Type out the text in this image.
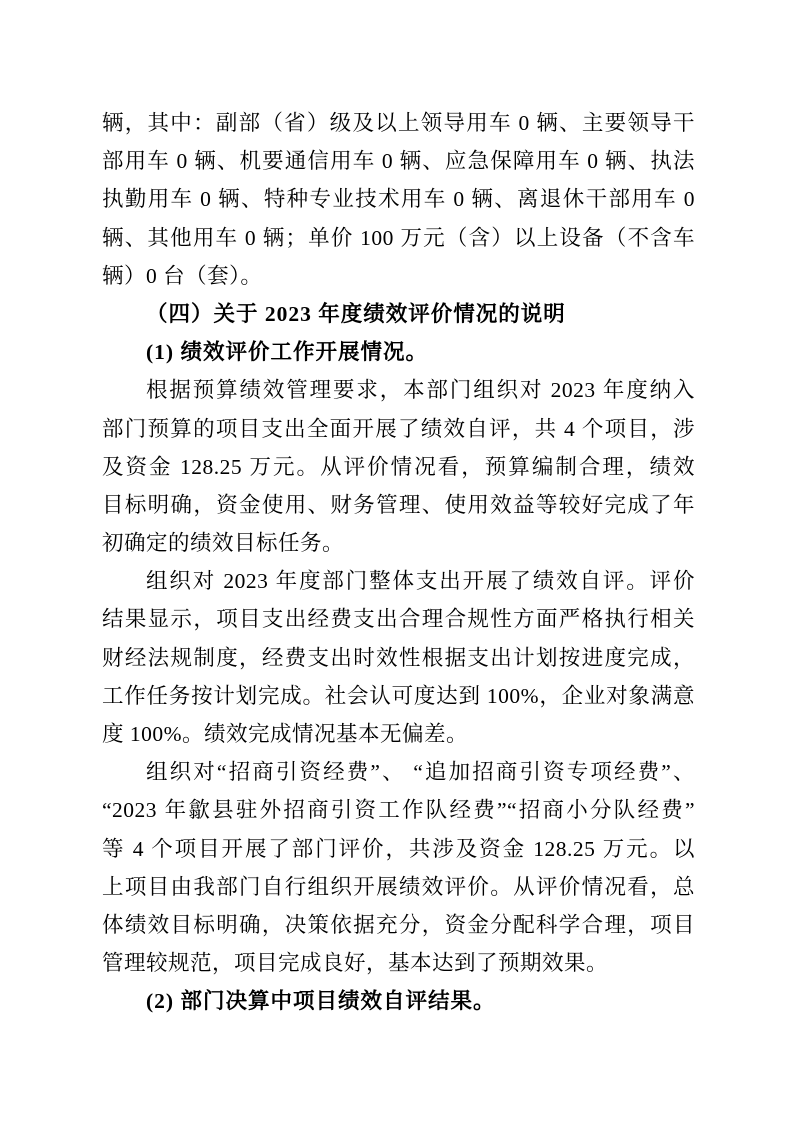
辆，其中：副部（省）级及以上领导用车 0 辆、主要领导干
部用车 0 辆、机要通信用车 0 辆、应急保障用车 0 辆、执法
执勤用车 0 辆、特种专业技术用车 0 辆、离退休干部用车 0
辆、其他用车 0 辆；单价 100 万元（含）以上设备（不含车
辆）0 台（套）。
（四）关于 2023 年度绩效评价情况的说明
(1) 绩效评价工作开展情况。
根据预算绩效管理要求，本部门组织对 2023 年度纳入
部门预算的项目支出全面开展了绩效自评，共 4 个项目，涉
及资金 128.25 万元。从评价情况看，预算编制合理，绩效
目标明确，资金使用、财务管理、使用效益等较好完成了年
初确定的绩效目标任务。
组织对 2023 年度部门整体支出开展了绩效自评。评价
结果显示，项目支出经费支出合理合规性方面严格执行相关
财经法规制度，经费支出时效性根据支出计划按进度完成，
工作任务按计划完成。社会认可度达到 100%，企业对象满意
度 100%。绩效完成情况基本无偏差。
组织对“招商引资经费”、 “追加招商引资专项经费”、
“2023 年歙县驻外招商引资工作队经费”“招商小分队经费”
等 4 个项目开展了部门评价，共涉及资金 128.25 万元。以
上项目由我部门自行组织开展绩效评价。从评价情况看，总
体绩效目标明确，决策依据充分，资金分配科学合理，项目
管理较规范，项目完成良好，基本达到了预期效果。
(2) 部门决算中项目绩效自评结果。
